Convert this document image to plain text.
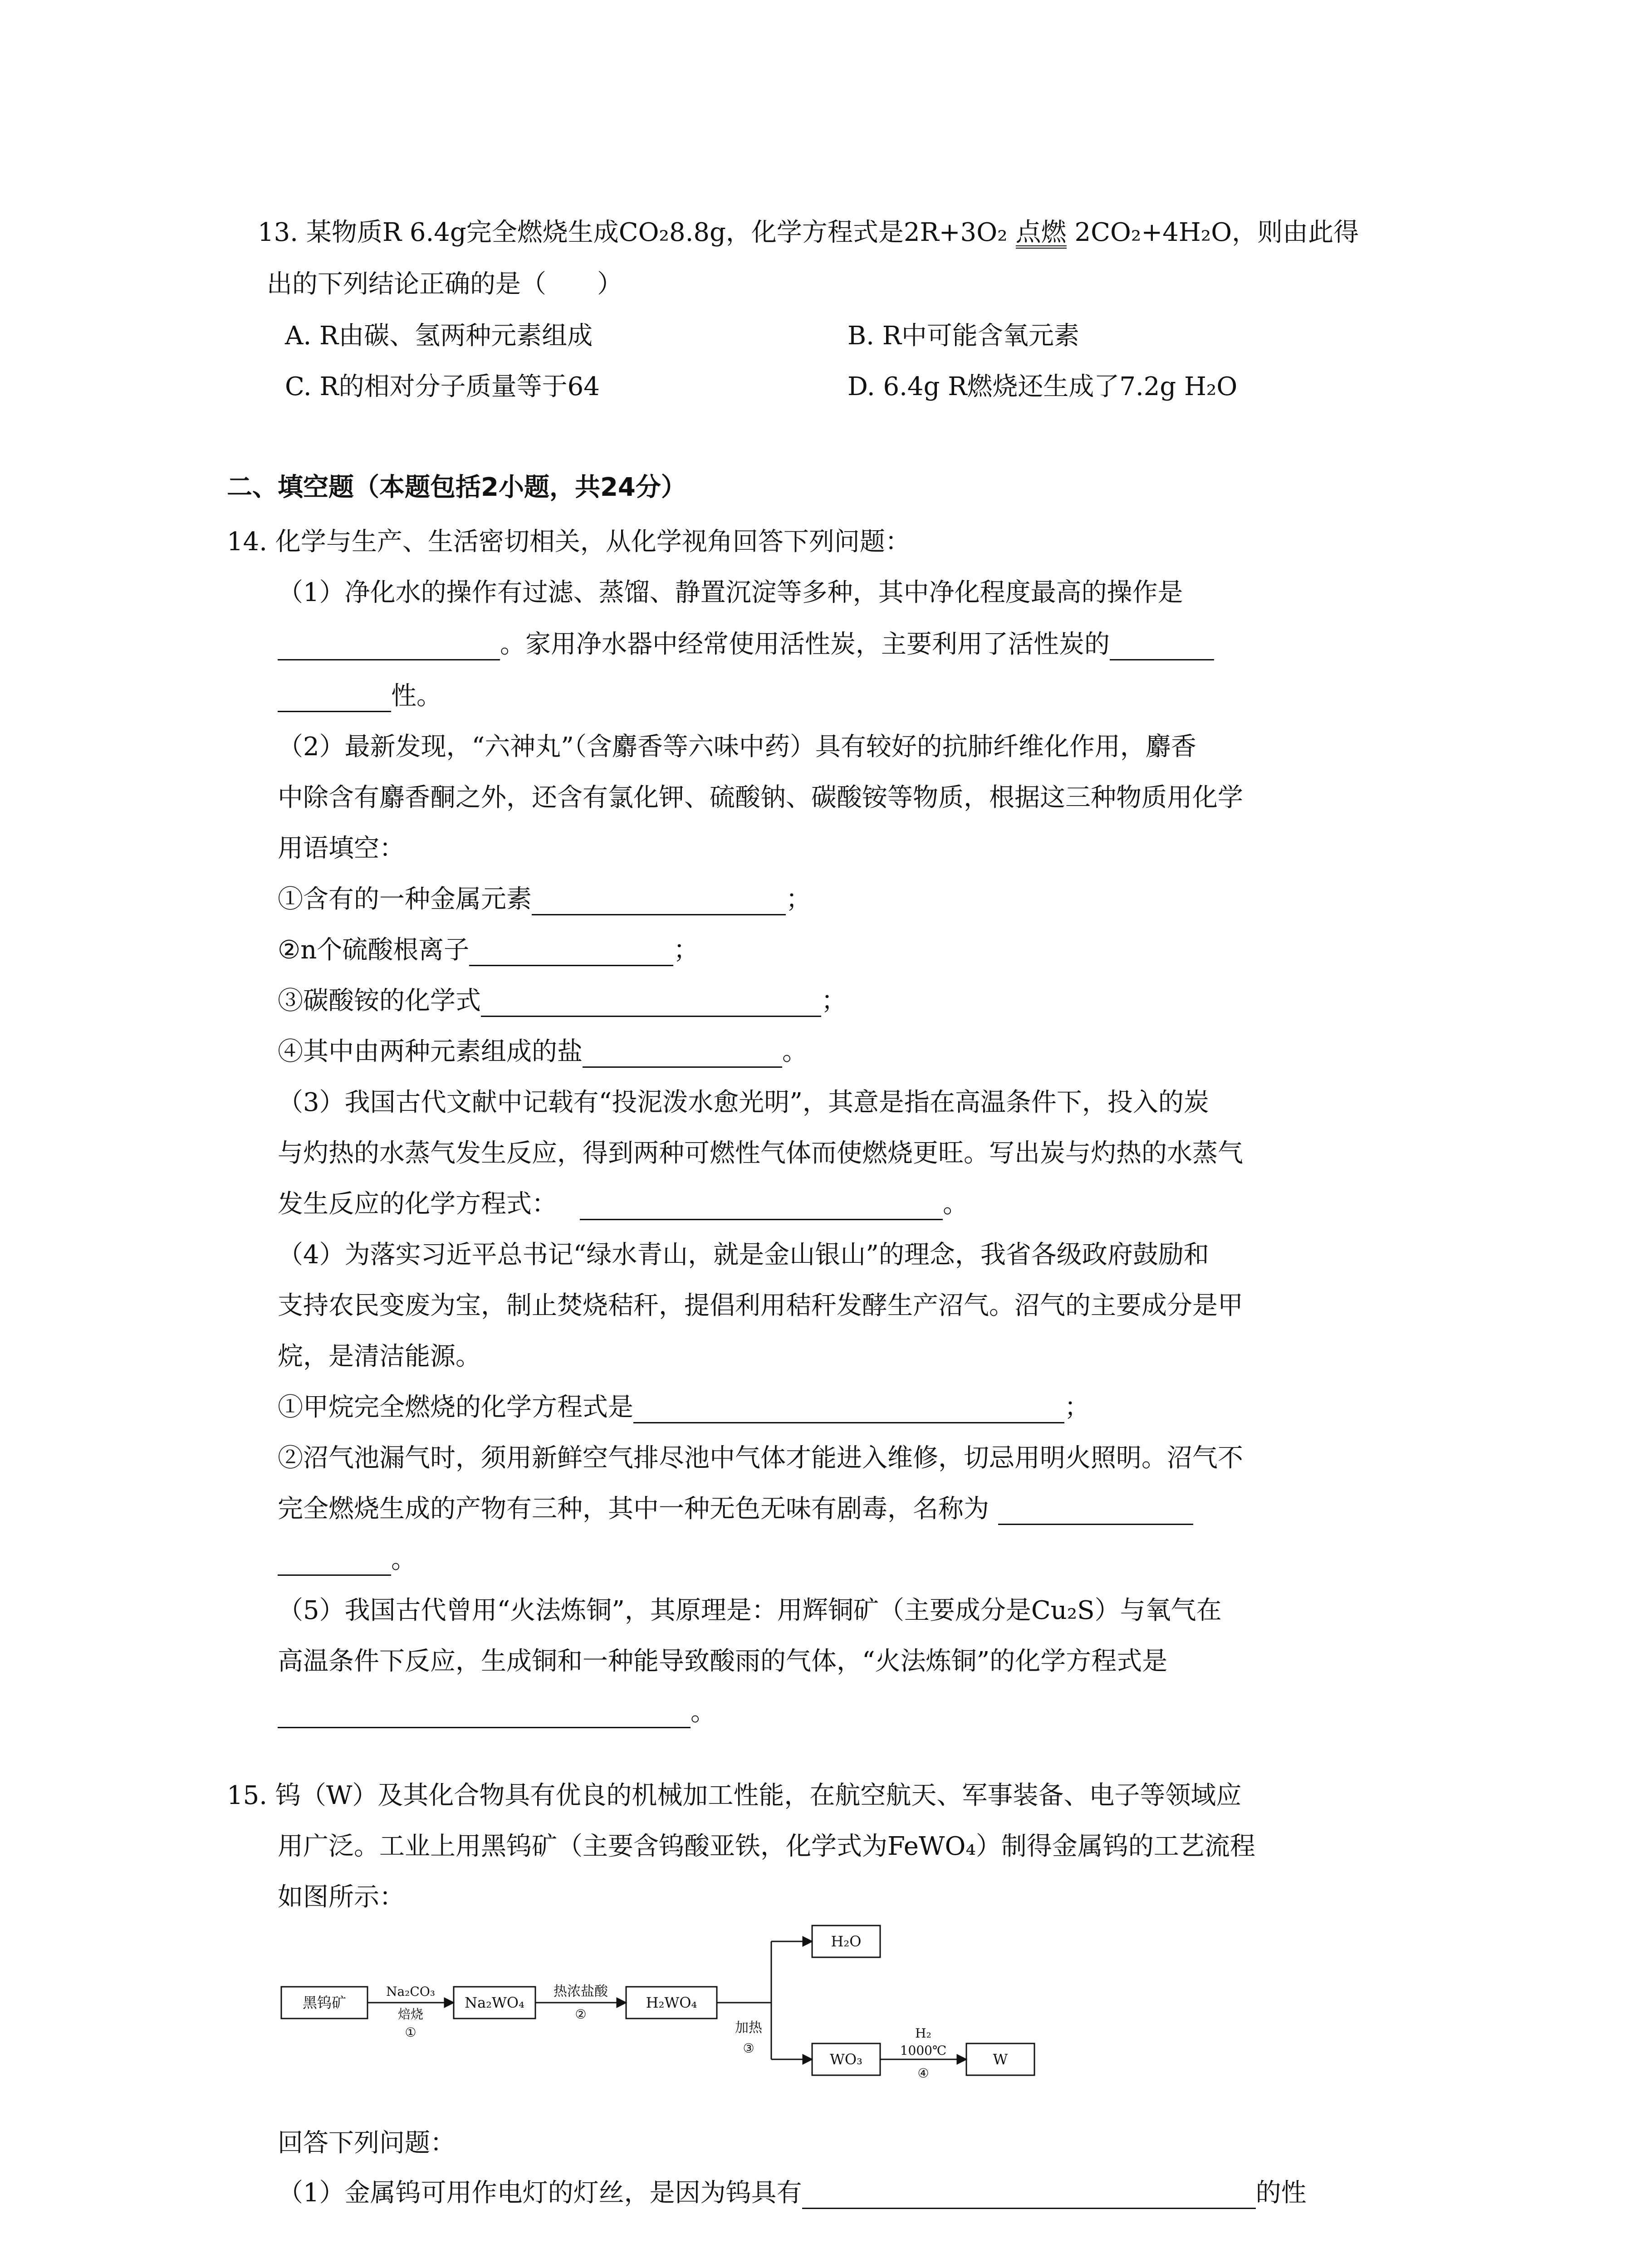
13. 某物质R 6.4g完全燃烧生成CO₂8.8g，化学方程式是2R+3O₂ 点燃 2CO₂+4H₂O，则由此得
出的下列结论正确的是（　　）
A. R由碳、氢两种元素组成	B. R中可能含氧元素
C. R的相对分子质量等于64	D. 6.4g R燃烧还生成了7.2g H₂O
二、填空题（本题包括2小题，共24分）
14. 化学与生产、生活密切相关，从化学视角回答下列问题：
（1）净化水的操作有过滤、蒸馏、静置沉淀等多种，其中净化程度最高的操作是
。家用净水器中经常使用活性炭，主要利用了活性炭的
性。
（2）最新发现，“六神丸”（含麝香等六味中药）具有较好的抗肺纤维化作用，麝香
中除含有麝香酮之外，还含有氯化钾、硫酸钠、碳酸铵等物质，根据这三种物质用化学
用语填空：
①含有的一种金属元素	；
②n个硫酸根离子	；
③碳酸铵的化学式	；
④其中由两种元素组成的盐	。
（3）我国古代文献中记载有“投泥泼水愈光明”，其意是指在高温条件下，投入的炭
与灼热的水蒸气发生反应，得到两种可燃性气体而使燃烧更旺。写出炭与灼热的水蒸气
发生反应的化学方程式：	。
（4）为落实习近平总书记“绿水青山，就是金山银山”的理念，我省各级政府鼓励和
支持农民变废为宝，制止焚烧秸秆，提倡利用秸秆发酵生产沼气。沼气的主要成分是甲
烷，是清洁能源。
①甲烷完全燃烧的化学方程式是	；
②沼气池漏气时，须用新鲜空气排尽池中气体才能进入维修，切忌用明火照明。沼气不
完全燃烧生成的产物有三种，其中一种无色无味有剧毒，名称为
。
（5）我国古代曾用“火法炼铜”，其原理是：用辉铜矿（主要成分是Cu₂S）与氧气在
高温条件下反应，生成铜和一种能导致酸雨的气体，“火法炼铜”的化学方程式是
。
15. 钨（W）及其化合物具有优良的机械加工性能，在航空航天、军事装备、电子等领域应
用广泛。工业上用黑钨矿（主要含钨酸亚铁，化学式为FeWO₄）制得金属钨的工艺流程
如图所示：
黑钨矿
Na₂CO₃
焙烧
①
Na₂WO₄
热浓盐酸
②
H₂WO₄
加热
③
H₂O
WO₃
H₂
1000℃
④
W
回答下列问题：
（1）金属钨可用作电灯的灯丝，是因为钨具有	的性
